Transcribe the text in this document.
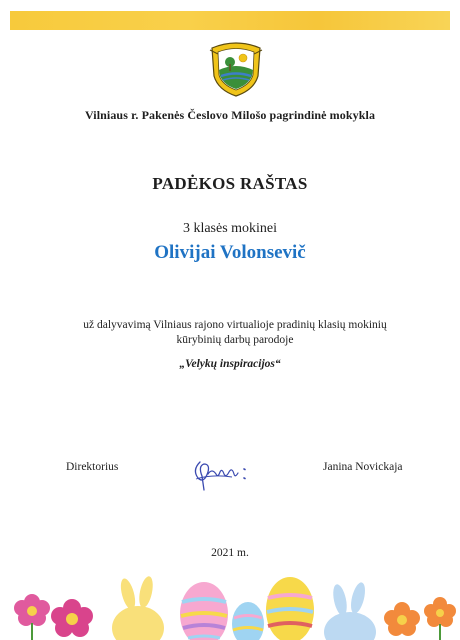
Vilniaus r. Pakenės Česlovo Milošo pagrindinė mokykla
PADĖKOS RAŠTAS
3 klasės mokinei
Olivijai Volonsevič
už dalyvavimą Vilniaus rajono virtualioje pradinių klasių mokinių
kūrybinių darbų parodoje
„Velykų inspiracijos“
Direktorius	Janina Novickaja
2021 m.
